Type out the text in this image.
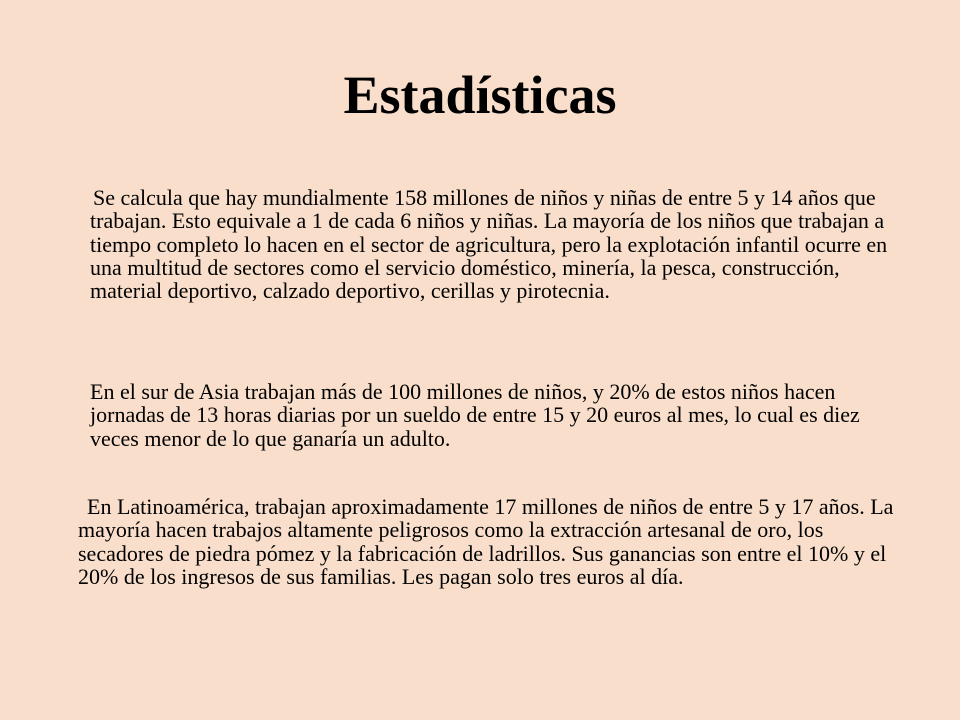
Estadísticas

Se calcula que hay mundialmente 158 millones de niños y niñas de entre 5 y 14 años que trabajan. Esto equivale a 1 de cada 6 niños y niñas. La mayoría de los niños que trabajan a tiempo completo lo hacen en el sector de agricultura, pero la explotación infantil ocurre en una multitud de sectores como el servicio doméstico, minería, la pesca, construcción, material deportivo, calzado deportivo, cerillas y pirotecnia.

En el sur de Asia trabajan más de 100 millones de niños, y 20% de estos niños hacen jornadas de 13 horas diarias por un sueldo de entre 15 y 20 euros al mes, lo cual es diez veces menor de lo que ganaría un adulto.

En Latinoamérica, trabajan aproximadamente 17 millones de niños de entre 5 y 17 años. La mayoría hacen trabajos altamente peligrosos como la extracción artesanal de oro, los secadores de piedra pómez y la fabricación de ladrillos. Sus ganancias son entre el 10% y el 20% de los ingresos de sus familias. Les pagan solo tres euros al día.
